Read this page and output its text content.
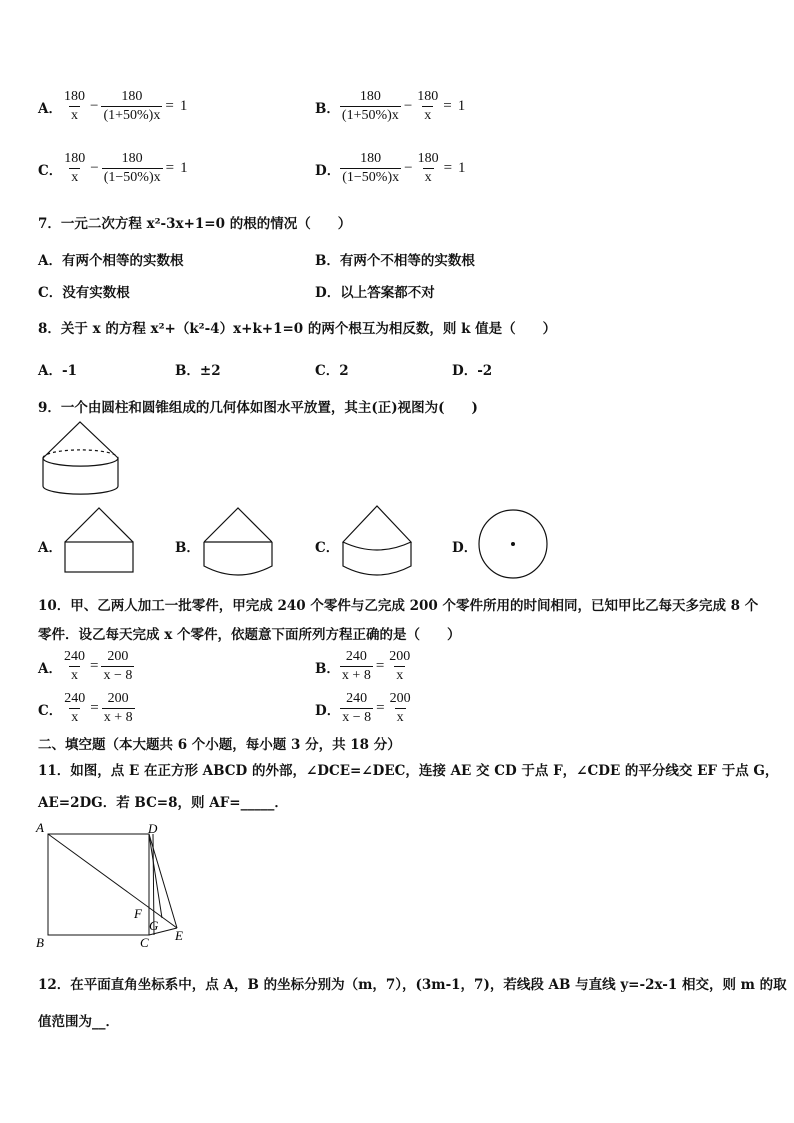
A． $\frac{180}{x} - \frac{180}{(1+50\%)x} = 1$	B． $\frac{180}{(1+50\%)x} - \frac{180}{x} = 1$
C． $\frac{180}{x} - \frac{180}{(1-50\%)x} = 1$	D． $\frac{180}{(1-50\%)x} - \frac{180}{x} = 1$
7．一元二次方程 x²-3x+1=0 的根的情况（　　）
A．有两个相等的实数根	B．有两个不相等的实数根
C．没有实数根	D．以上答案都不对
8．关于 x 的方程 x²+（k²-4）x+k+1=0 的两个根互为相反数，则 k 值是（　　）
A．-1	B．±2	C．2	D．-2
9．一个由圆柱和圆锥组成的几何体如图水平放置，其主(正)视图为(　　)
A．	B．	C．	D．
10．甲、乙两人加工一批零件，甲完成 240 个零件与乙完成 200 个零件所用的时间相同，已知甲比乙每天多完成 8 个
零件．设乙每天完成 x 个零件，依题意下面所列方程正确的是（　　）
A． $\frac{240}{x} = \frac{200}{x - 8}$	B． $\frac{240}{x + 8} = \frac{200}{x}$
C． $\frac{240}{x} = \frac{200}{x + 8}$	D． $\frac{240}{x - 8} = \frac{200}{x}$
二、填空题（本大题共 6 个小题，每小题 3 分，共 18 分）
11．如图，点 E 在正方形 ABCD 的外部，∠DCE=∠DEC，连接 AE 交 CD 于点 F，∠CDE 的平分线交 EF 于点 G，
AE=2DG．若 BC=8，则 AF=_____．
A	D
B	C
F
G
E
12．在平面直角坐标系中，点 A，B 的坐标分别为（m，7），(3m-1，7)，若线段 AB 与直线 y=-2x-1 相交，则 m 的取
值范围为__．
